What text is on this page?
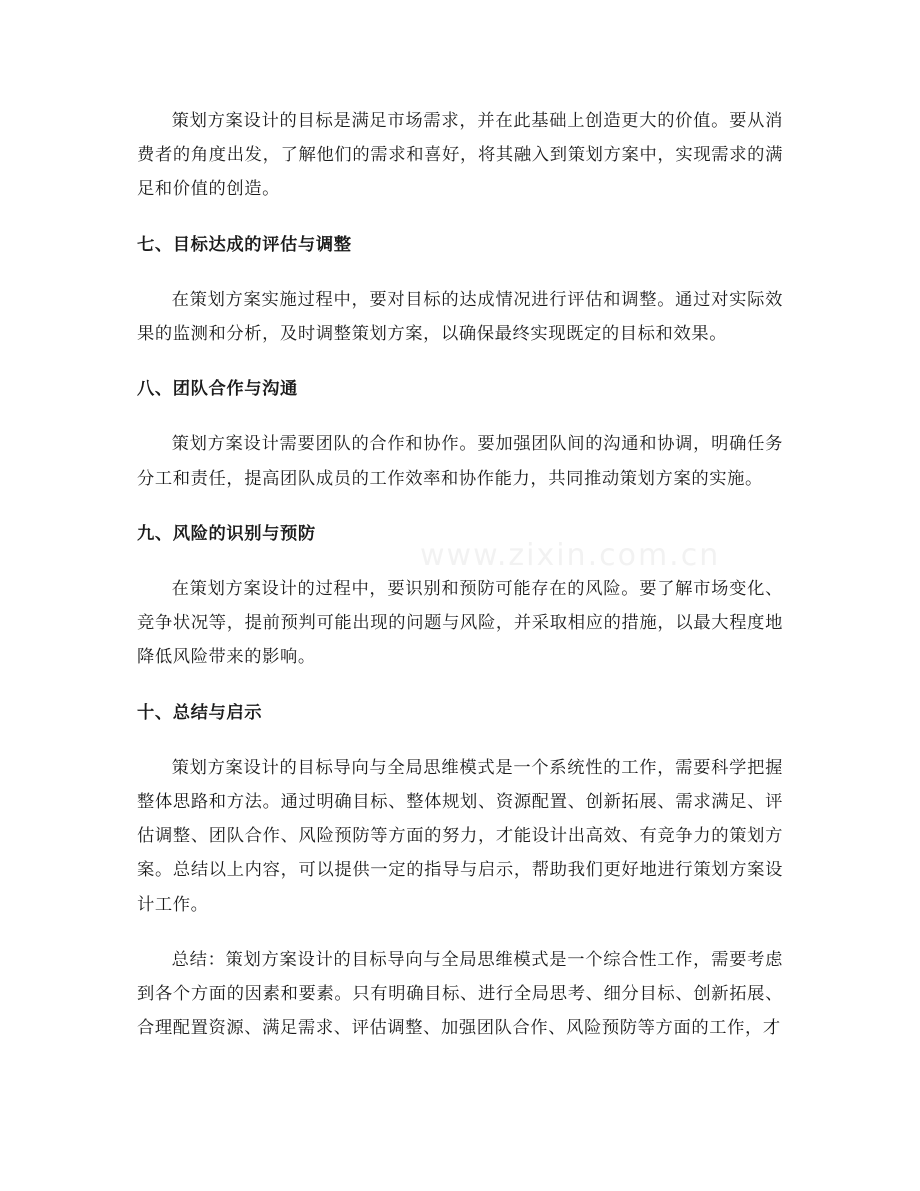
www.zixin.com.cn

策划方案设计的目标是满足市场需求，并在此基础上创造更大的价值。要从消费者的角度出发，了解他们的需求和喜好，将其融入到策划方案中，实现需求的满足和价值的创造。

七、目标达成的评估与调整

在策划方案实施过程中，要对目标的达成情况进行评估和调整。通过对实际效果的监测和分析，及时调整策划方案，以确保最终实现既定的目标和效果。

八、团队合作与沟通

策划方案设计需要团队的合作和协作。要加强团队间的沟通和协调，明确任务分工和责任，提高团队成员的工作效率和协作能力，共同推动策划方案的实施。

九、风险的识别与预防

在策划方案设计的过程中，要识别和预防可能存在的风险。要了解市场变化、竞争状况等，提前预判可能出现的问题与风险，并采取相应的措施，以最大程度地降低风险带来的影响。

十、总结与启示

策划方案设计的目标导向与全局思维模式是一个系统性的工作，需要科学把握整体思路和方法。通过明确目标、整体规划、资源配置、创新拓展、需求满足、评估调整、团队合作、风险预防等方面的努力，才能设计出高效、有竞争力的策划方案。总结以上内容，可以提供一定的指导与启示，帮助我们更好地进行策划方案设计工作。

总结：策划方案设计的目标导向与全局思维模式是一个综合性工作，需要考虑到各个方面的因素和要素。只有明确目标、进行全局思考、细分目标、创新拓展、合理配置资源、满足需求、评估调整、加强团队合作、风险预防等方面的工作，才
